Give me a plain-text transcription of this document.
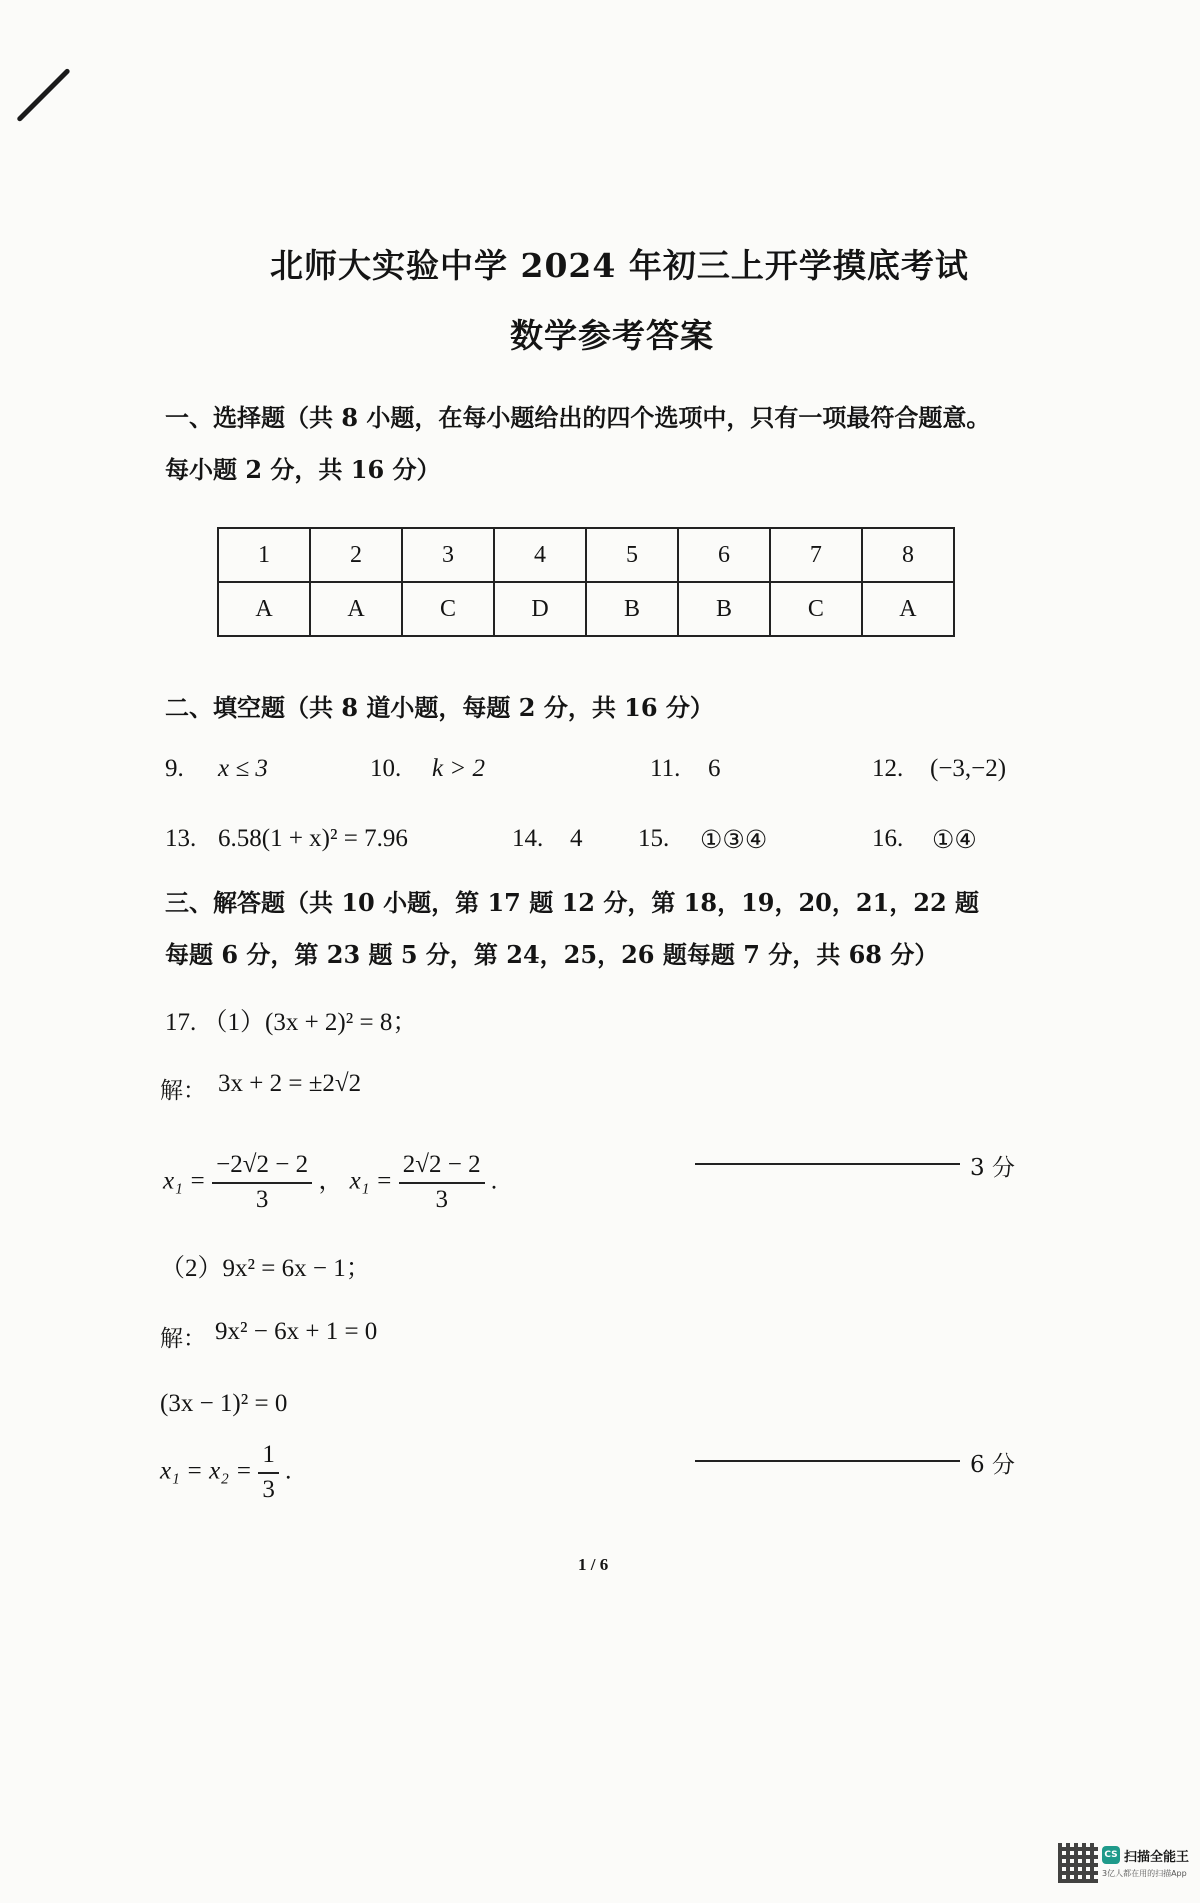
北师大实验中学 2024 年初三上开学摸底考试
数学参考答案
一、选择题（共 8 小题，在每小题给出的四个选项中，只有一项最符合题意。
每小题 2 分，共 16 分）
1	2	3	4	5	6	7	8
A	A	C	D	B	B	C	A
二、填空题（共 8 道小题，每题 2 分，共 16 分）
9. x ≤ 3	10. k > 2	11. 6	12. (−3,−2)
13. 6.58(1 + x)² = 7.96	14. 4 15. ①③④	16. ①④
三、解答题（共 10 小题，第 17 题 12 分，第 18，19，20，21，22 题
每题 6 分，第 23 题 5 分，第 24，25，26 题每题 7 分，共 68 分）
17. （1）(3x + 2)² = 8；
解： 3x + 2 = ±2√2
$x_1 = \frac{-2√2 - 2}{3}$ ， $x_1 = \frac{2√2 - 2}{3}$ .	3 分
（2）9x² = 6x − 1；
解： 9x² − 6x + 1 = 0
(3x − 1)² = 0
$x_1 = x_2 = \frac{1}{3}$ .	6 分
1 / 6
CS 扫描全能王
3亿人都在用的扫描App
